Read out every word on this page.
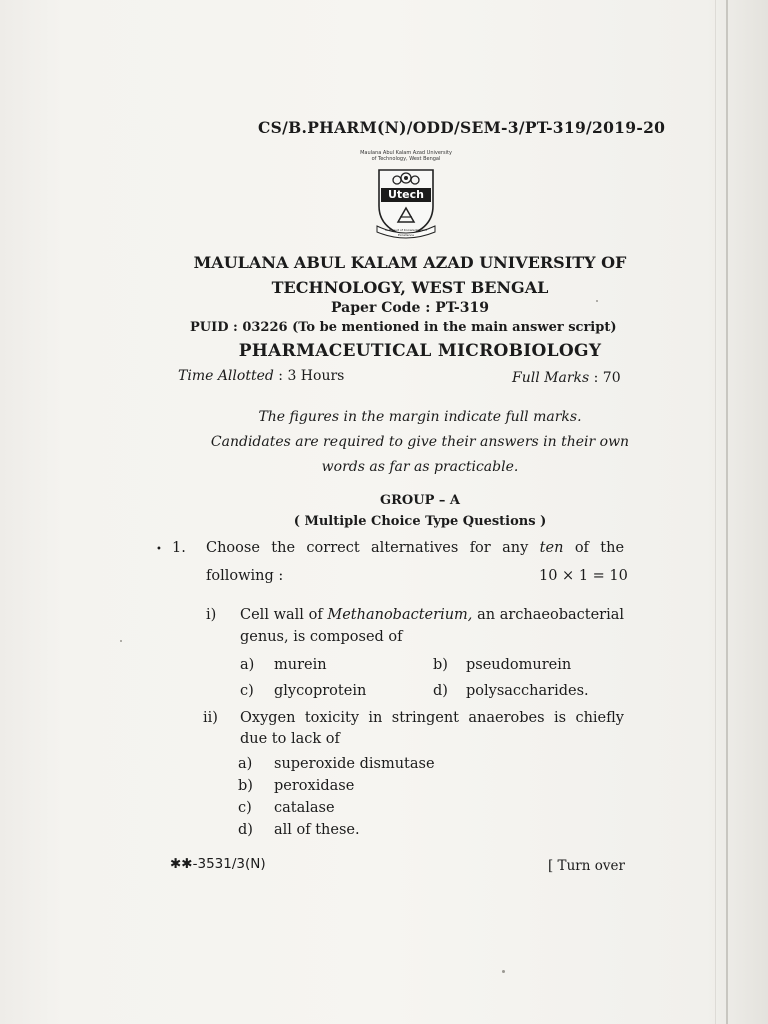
CS/B.PHARM(N)/ODD/SEM-3/PT-319/2019-20
Maulana Abul Kalam Azad University of Technology, West Bengal
Utech
In Pursuit of Knowledge and Excellence
MAULANA ABUL KALAM AZAD UNIVERSITY OF
TECHNOLOGY, WEST BENGAL
Paper Code : PT-319
PUID : 03226 (To be mentioned in the main answer script)
PHARMACEUTICAL MICROBIOLOGY
Time Allotted : 3 Hours	Full Marks : 70
The figures in the margin indicate full marks.
Candidates are required to give their answers in their own
words as far as practicable.
GROUP – A
( Multiple Choice Type Questions )
• 1. Choose the correct alternatives for any ten of the
following :	10 × 1 = 10
i) Cell wall of Methanobacterium, an archaeobacterial
genus, is composed of
a) murein	b) pseudomurein
c) glycoprotein	d) polysaccharides.
ii) Oxygen toxicity in stringent anaerobes is chiefly
due to lack of
a) superoxide dismutase
b) peroxidase
c) catalase
d) all of these.
✱✱-3531/3(N)	[ Turn over
